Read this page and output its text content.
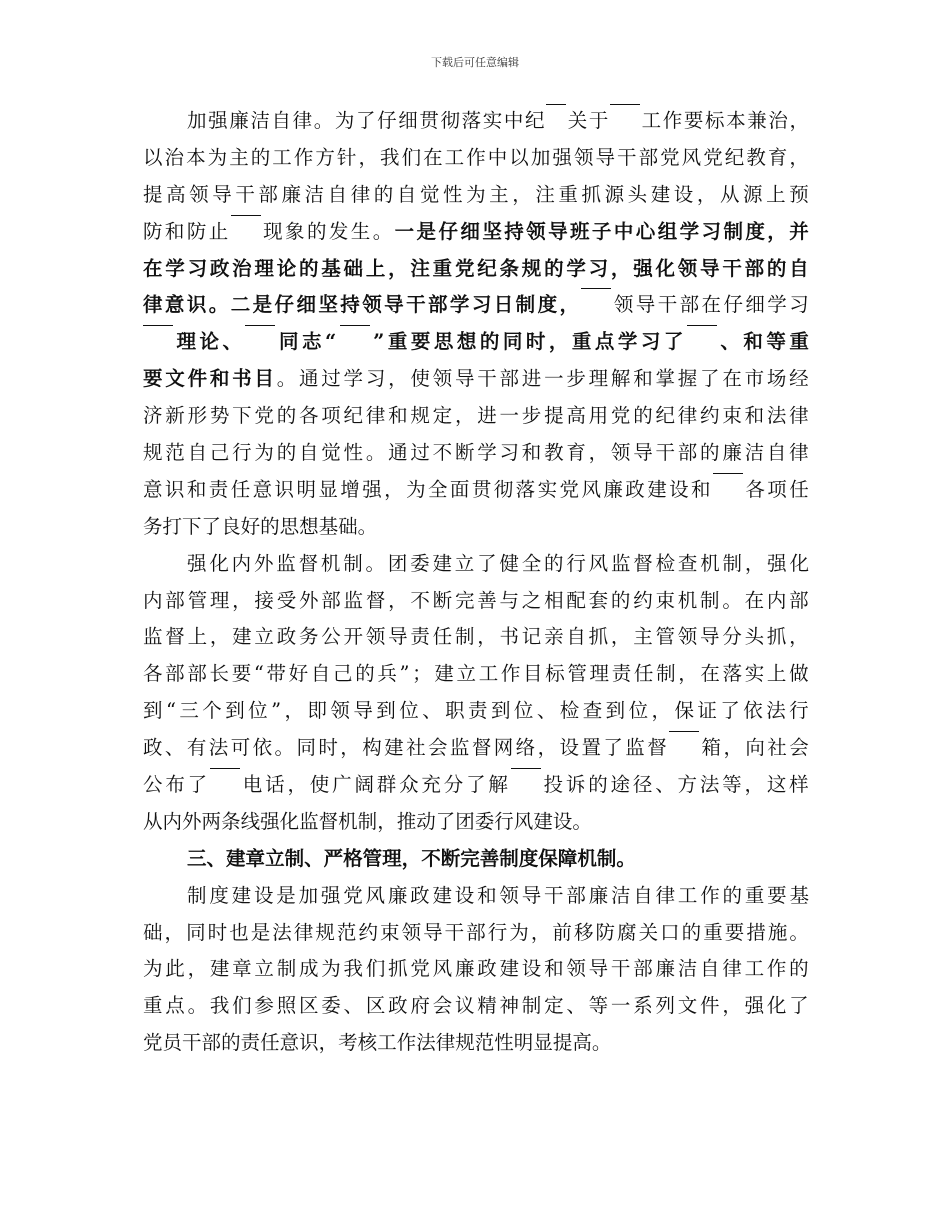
下载后可任意编辑
加 强 廉 洁 自 律 。 为 了 仔 细 贯 彻 落 实 中 纪 关 于 工 作 要 标 本 兼 治 ，
以 治 本 为 主 的 工 作 方 针 ， 我 们 在 工 作 中 以 加 强 领 导 干 部 党 风 党 纪 教 育 ，
提 高 领 导 干 部 廉 洁 自 律 的 自 觉 性 为 主 ， 注 重 抓 源 头 建 设 ， 从 源 上 预
防 和 防 止 现 象 的 发 生 。 一 是 仔 细 坚 持 领 导 班 子 中 心 组 学 习 制 度 ， 并
在 学 习 政 治 理 论 的 基 础 上 ， 注 重 党 纪 条 规 的 学 习 ， 强 化 领 导 干 部 的 自
律 意 识 。 二 是 仔 细 坚 持 领 导 干 部 学 习 日 制 度 ， 领 导 干 部 在 仔 细 学 习
理 论 、 同 志 “ ” 重 要 思 想 的 同 时 ， 重 点 学 习 了 、 和 等 重
要 文 件 和 书 目 。 通 过 学 习 ， 使 领 导 干 部 进 一 步 理 解 和 掌 握 了 在 市 场 经
济 新 形 势 下 党 的 各 项 纪 律 和 规 定 ， 进 一 步 提 高 用 党 的 纪 律 约 束 和 法 律
规 范 自 己 行 为 的 自 觉 性 。 通 过 不 断 学 习 和 教 育 ， 领 导 干 部 的 廉 洁 自 律
意 识 和 责 任 意 识 明 显 增 强 ， 为 全 面 贯 彻 落 实 党 风 廉 政 建 设 和 各 项 任
务 打 下 了 良 好 的 思 想 基 础 。
强 化 内 外 监 督 机 制 。 团 委 建 立 了 健 全 的 行 风 监 督 检 查 机 制 ， 强 化
内 部 管 理 ， 接 受 外 部 监 督 ， 不 断 完 善 与 之 相 配 套 的 约 束 机 制 。 在 内 部
监 督 上 ， 建 立 政 务 公 开 领 导 责 任 制 ， 书 记 亲 自 抓 ， 主 管 领 导 分 头 抓 ，
各 部 部 长 要 “ 带 好 自 己 的 兵 ” ； 建 立 工 作 目 标 管 理 责 任 制 ， 在 落 实 上 做
到 “ 三 个 到 位 ” ， 即 领 导 到 位 、 职 责 到 位 、 检 查 到 位 ， 保 证 了 依 法 行
政 、 有 法 可 依 。 同 时 ， 构 建 社 会 监 督 网 络 ， 设 置 了 监 督 箱 ， 向 社 会
公 布 了 电 话 ， 使 广 阔 群 众 充 分 了 解 投 诉 的 途 径 、 方 法 等 ， 这 样
从 内 外 两 条 线 强 化 监 督 机 制 ， 推 动 了 团 委 行 风 建 设 。
三 、 建 章 立 制 、 严 格 管 理 ， 不 断 完 善 制 度 保 障 机 制 。
制 度 建 设 是 加 强 党 风 廉 政 建 设 和 领 导 干 部 廉 洁 自 律 工 作 的 重 要 基
础 ， 同 时 也 是 法 律 规 范 约 束 领 导 干 部 行 为 ， 前 移 防 腐 关 口 的 重 要 措 施 。
为 此 ， 建 章 立 制 成 为 我 们 抓 党 风 廉 政 建 设 和 领 导 干 部 廉 洁 自 律 工 作 的
重 点 。 我 们 参 照 区 委 、 区 政 府 会 议 精 神 制 定 、 等 一 系 列 文 件 ， 强 化 了
党 员 干 部 的 责 任 意 识 ， 考 核 工 作 法 律 规 范 性 明 显 提 高 。
